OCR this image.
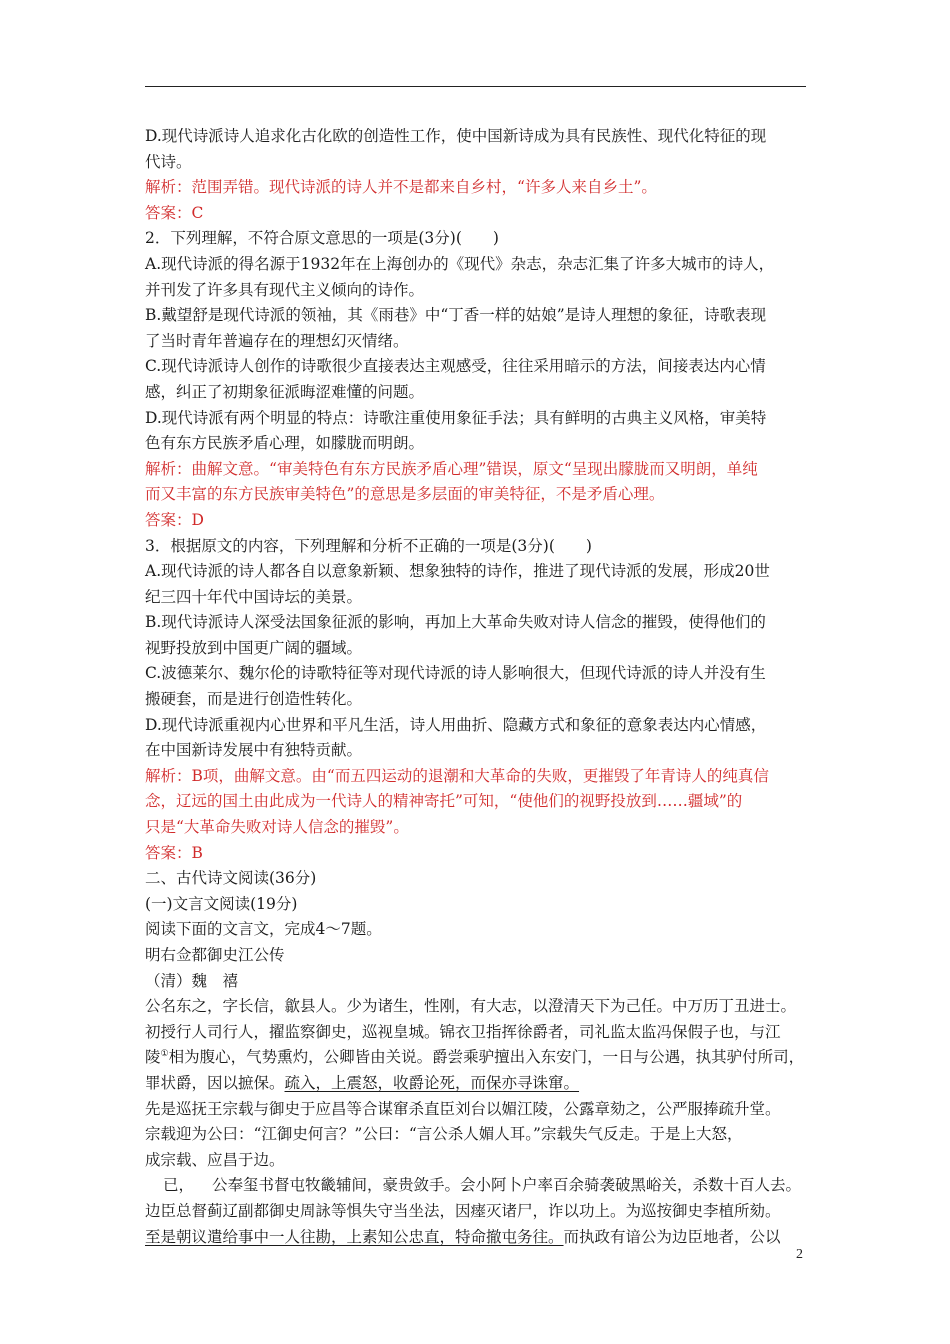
D.现代诗派诗人追求化古化欧的创造性工作，使中国新诗成为具有民族性、现代化特征的现
代诗。
解析：范围弄错。现代诗派的诗人并不是都来自乡村，“许多人来自乡土”。
答案：C
2．下列理解，不符合原文意思的一项是(3分)(　　)
A.现代诗派的得名源于1932年在上海创办的《现代》杂志，杂志汇集了许多大城市的诗人，
并刊发了许多具有现代主义倾向的诗作。
B.戴望舒是现代诗派的领袖，其《雨巷》中“丁香一样的姑娘”是诗人理想的象征，诗歌表现
了当时青年普遍存在的理想幻灭情绪。
C.现代诗派诗人创作的诗歌很少直接表达主观感受，往往采用暗示的方法，间接表达内心情
感，纠正了初期象征派晦涩难懂的问题。
D.现代诗派有两个明显的特点：诗歌注重使用象征手法；具有鲜明的古典主义风格，审美特
色有东方民族矛盾心理，如朦胧而明朗。
解析：曲解文意。“审美特色有东方民族矛盾心理”错误，原文“呈现出朦胧而又明朗，单纯
而又丰富的东方民族审美特色”的意思是多层面的审美特征，不是矛盾心理。
答案：D
3．根据原文的内容，下列理解和分析不正确的一项是(3分)(　　)
A.现代诗派的诗人都各自以意象新颖、想象独特的诗作，推进了现代诗派的发展，形成20世
纪三四十年代中国诗坛的美景。
B.现代诗派诗人深受法国象征派的影响，再加上大革命失败对诗人信念的摧毁，使得他们的
视野投放到中国更广阔的疆域。
C.波德莱尔、魏尔伦的诗歌特征等对现代诗派的诗人影响很大，但现代诗派的诗人并没有生
搬硬套，而是进行创造性转化。
D.现代诗派重视内心世界和平凡生活，诗人用曲折、隐藏方式和象征的意象表达内心情感，
在中国新诗发展中有独特贡献。
解析：B项，曲解文意。由“而五四运动的退潮和大革命的失败，更摧毁了年青诗人的纯真信
念，辽远的国土由此成为一代诗人的精神寄托”可知，“使他们的视野投放到……疆域”的
只是“大革命失败对诗人信念的摧毁”。
答案：B
二、古代诗文阅读(36分)
(一)文言文阅读(19分)
阅读下面的文言文，完成4～7题。
明右佥都御史江公传
（清）魏　禧
公名东之，字长信，歙县人。少为诸生，性刚，有大志，以澄清天下为己任。中万历丁丑进士。
初授行人司行人，擢监察御史，巡视皇城。锦衣卫指挥徐爵者，司礼监太监冯保假子也，与江
陵①相为腹心，气势熏灼，公卿皆由关说。爵尝乘驴擅出入东安门，一日与公遇，执其驴付所司，
罪状爵，因以摭保。疏入，上震怒，收爵论死，而保亦寻诛窜。
先是巡抚王宗载与御史于应昌等合谋窜杀直臣刘台以媚江陵，公露章劾之，公严服捧疏升堂。
宗载迎为公曰：“江御史何言？”公曰：“言公杀人媚人耳。”宗载失气反走。于是上大怒，
成宗载、应昌于边。
已， 公奉玺书督屯牧畿辅间，豪贵敛手。会小阿卜户率百余骑袭破黑峪关，杀数十百人去。
边臣总督蓟辽副都御史周詠等惧失守当坐法，因瘗灭诸尸，诈以功上。为巡按御史李植所劾。
至是朝议遣给事中一人往勘，上素知公忠直，特命撤屯务往。而执政有谙公为边臣地者，公以
2
